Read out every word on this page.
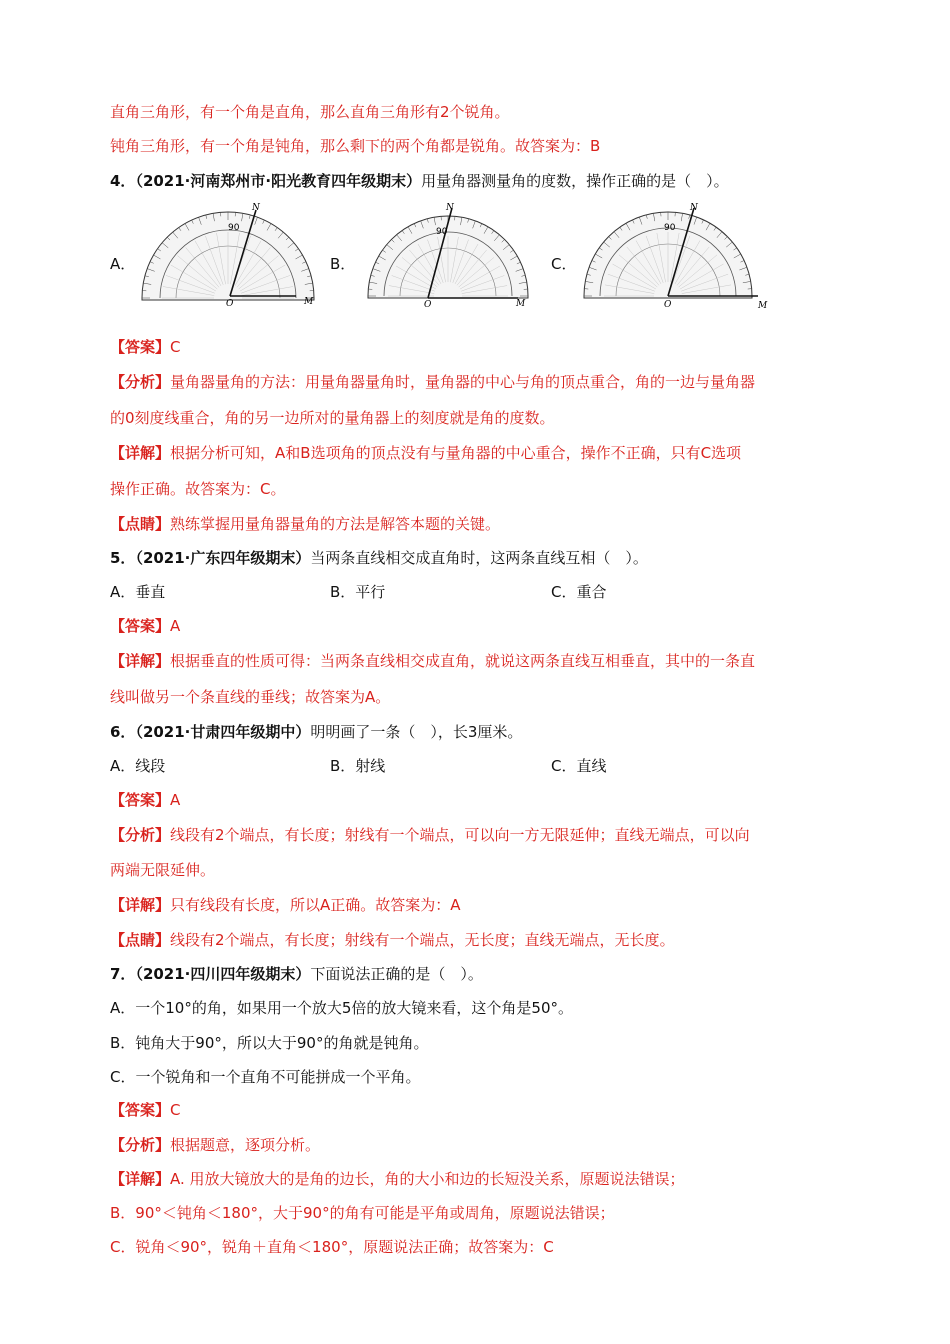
直角三角形，有一个角是直角，那么直角三角形有2个锐角。
钝角三角形，有一个角是钝角，那么剩下的两个角都是锐角。故答案为：B
4．（2021·河南郑州市·阳光教育四年级期末）用量角器测量角的度数，操作正确的是（　）。
A．	B．	C．
90
O
N
M
90
O
N
M
90
O
N
M
【答案】C
【分析】量角器量角的方法：用量角器量角时，量角器的中心与角的顶点重合，角的一边与量角器
的0刻度线重合，角的另一边所对的量角器上的刻度就是角的度数。
【详解】根据分析可知，A和B选项角的顶点没有与量角器的中心重合，操作不正确，只有C选项
操作正确。故答案为：C。
【点睛】熟练掌握用量角器量角的方法是解答本题的关键。
5．（2021·广东四年级期末）当两条直线相交成直角时，这两条直线互相（　）。
A．垂直	B．平行	C．重合
【答案】A
【详解】根据垂直的性质可得：当两条直线相交成直角，就说这两条直线互相垂直，其中的一条直
线叫做另一个条直线的垂线；故答案为A。
6．（2021·甘肃四年级期中）明明画了一条（　），长3厘米。
A．线段	B．射线	C．直线
【答案】A
【分析】线段有2个端点，有长度；射线有一个端点，可以向一方无限延伸；直线无端点，可以向
两端无限延伸。
【详解】只有线段有长度，所以A正确。故答案为：A
【点睛】线段有2个端点，有长度；射线有一个端点，无长度；直线无端点，无长度。
7．（2021·四川四年级期末）下面说法正确的是（　）。
A．一个10°的角，如果用一个放大5倍的放大镜来看，这个角是50°。
B．钝角大于90°，所以大于90°的角就是钝角。
C．一个锐角和一个直角不可能拼成一个平角。
【答案】C
【分析】根据题意，逐项分析。
【详解】A. 用放大镜放大的是角的边长，角的大小和边的长短没关系，原题说法错误；
B．90°＜钝角＜180°，大于90°的角有可能是平角或周角，原题说法错误；
C．锐角＜90°，锐角＋直角＜180°，原题说法正确；故答案为：C
